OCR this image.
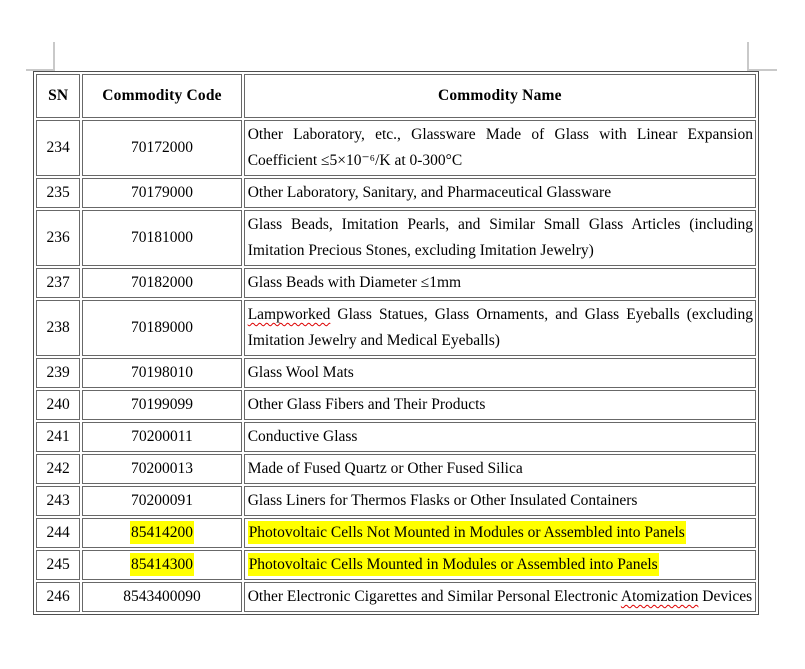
SN	Commodity Code	Commodity Name
234	70172000	Other Laboratory, etc., Glassware Made of Glass with Linear Expansion Coefficient ≤5×10⁻⁶/K at 0-300°C
235	70179000	Other Laboratory, Sanitary, and Pharmaceutical Glassware
236	70181000	Glass Beads, Imitation Pearls, and Similar Small Glass Articles (including Imitation Precious Stones, excluding Imitation Jewelry)
237	70182000	Glass Beads with Diameter ≤1mm
238	70189000	Lampworked Glass Statues, Glass Ornaments, and Glass Eyeballs (excluding Imitation Jewelry and Medical Eyeballs)
239	70198010	Glass Wool Mats
240	70199099	Other Glass Fibers and Their Products
241	70200011	Conductive Glass
242	70200013	Made of Fused Quartz or Other Fused Silica
243	70200091	Glass Liners for Thermos Flasks or Other Insulated Containers
244	85414200	Photovoltaic Cells Not Mounted in Modules or Assembled into Panels
245	85414300	Photovoltaic Cells Mounted in Modules or Assembled into Panels
246	8543400090	Other Electronic Cigarettes and Similar Personal Electronic Atomization Devices
